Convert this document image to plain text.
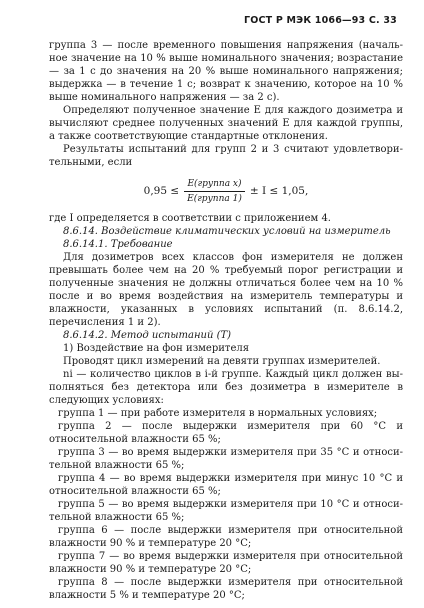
ГОСТ Р МЭК 1066—93 С. 33

группа 3 — после временного повышения напряжения (начальное значение на 10 % выше номинального значения; возрастание — за 1 с до значения на 20 % выше номинального напряжения; выдержка — в течение 1 с; возврат к значению, которое на 10 % выше номинального напряжения — за 2 с).

Определяют полученное значение E для каждого дозиметра и вычисляют среднее полученных значений E для каждой группы, а также соответствующие стандартные отклонения.

Результаты испытаний для групп 2 и 3 считают удовлетворительными, если

$0,95 \le \frac{\text{E(группа x)}}{\text{E(группа 1)}} \pm I \le 1,05$,

где I определяется в соответствии с приложением 4.

8.6.14. Воздействие климатических условий на измеритель

8.6.14.1. Требование

Для дозиметров всех классов фон измерителя не должен превышать более чем на 20 % требуемый порог регистрации и полученные значения не должны отличаться более чем на 10 % после и во время воздействия на измеритель температуры и влажности, указанных в условиях испытаний (п. 8.6.14.2, перечисления 1 и 2).

8.6.14.2. Метод испытаний (Т)

1) Воздействие на фон измерителя

Проводят цикл измерений на девяти группах измерителей.

ni — количество циклов в i-й группе. Каждый цикл должен выполняться без детектора или без дозиметра в измерителе в следующих условиях:

группа 1 — при работе измерителя в нормальных условиях;

группа 2 — после выдержки измерителя при 60 °С и относительной влажности 65 %;

группа 3 — во время выдержки измерителя при 35 °С и относительной влажности 65 %;

группа 4 — во время выдержки измерителя при минус 10 °С и относительной влажности 65 %;

группа 5 — во время выдержки измерителя при 10 °С и относительной влажности 65 %;

группа 6 — после выдержки измерителя при относительной влажности 90 % и температуре 20 °С;

группа 7 — во время выдержки измерителя при относительной влажности 90 % и температуре 20 °С;

группа 8 — после выдержки измерителя при относительной влажности 5 % и температуре 20 °С;
